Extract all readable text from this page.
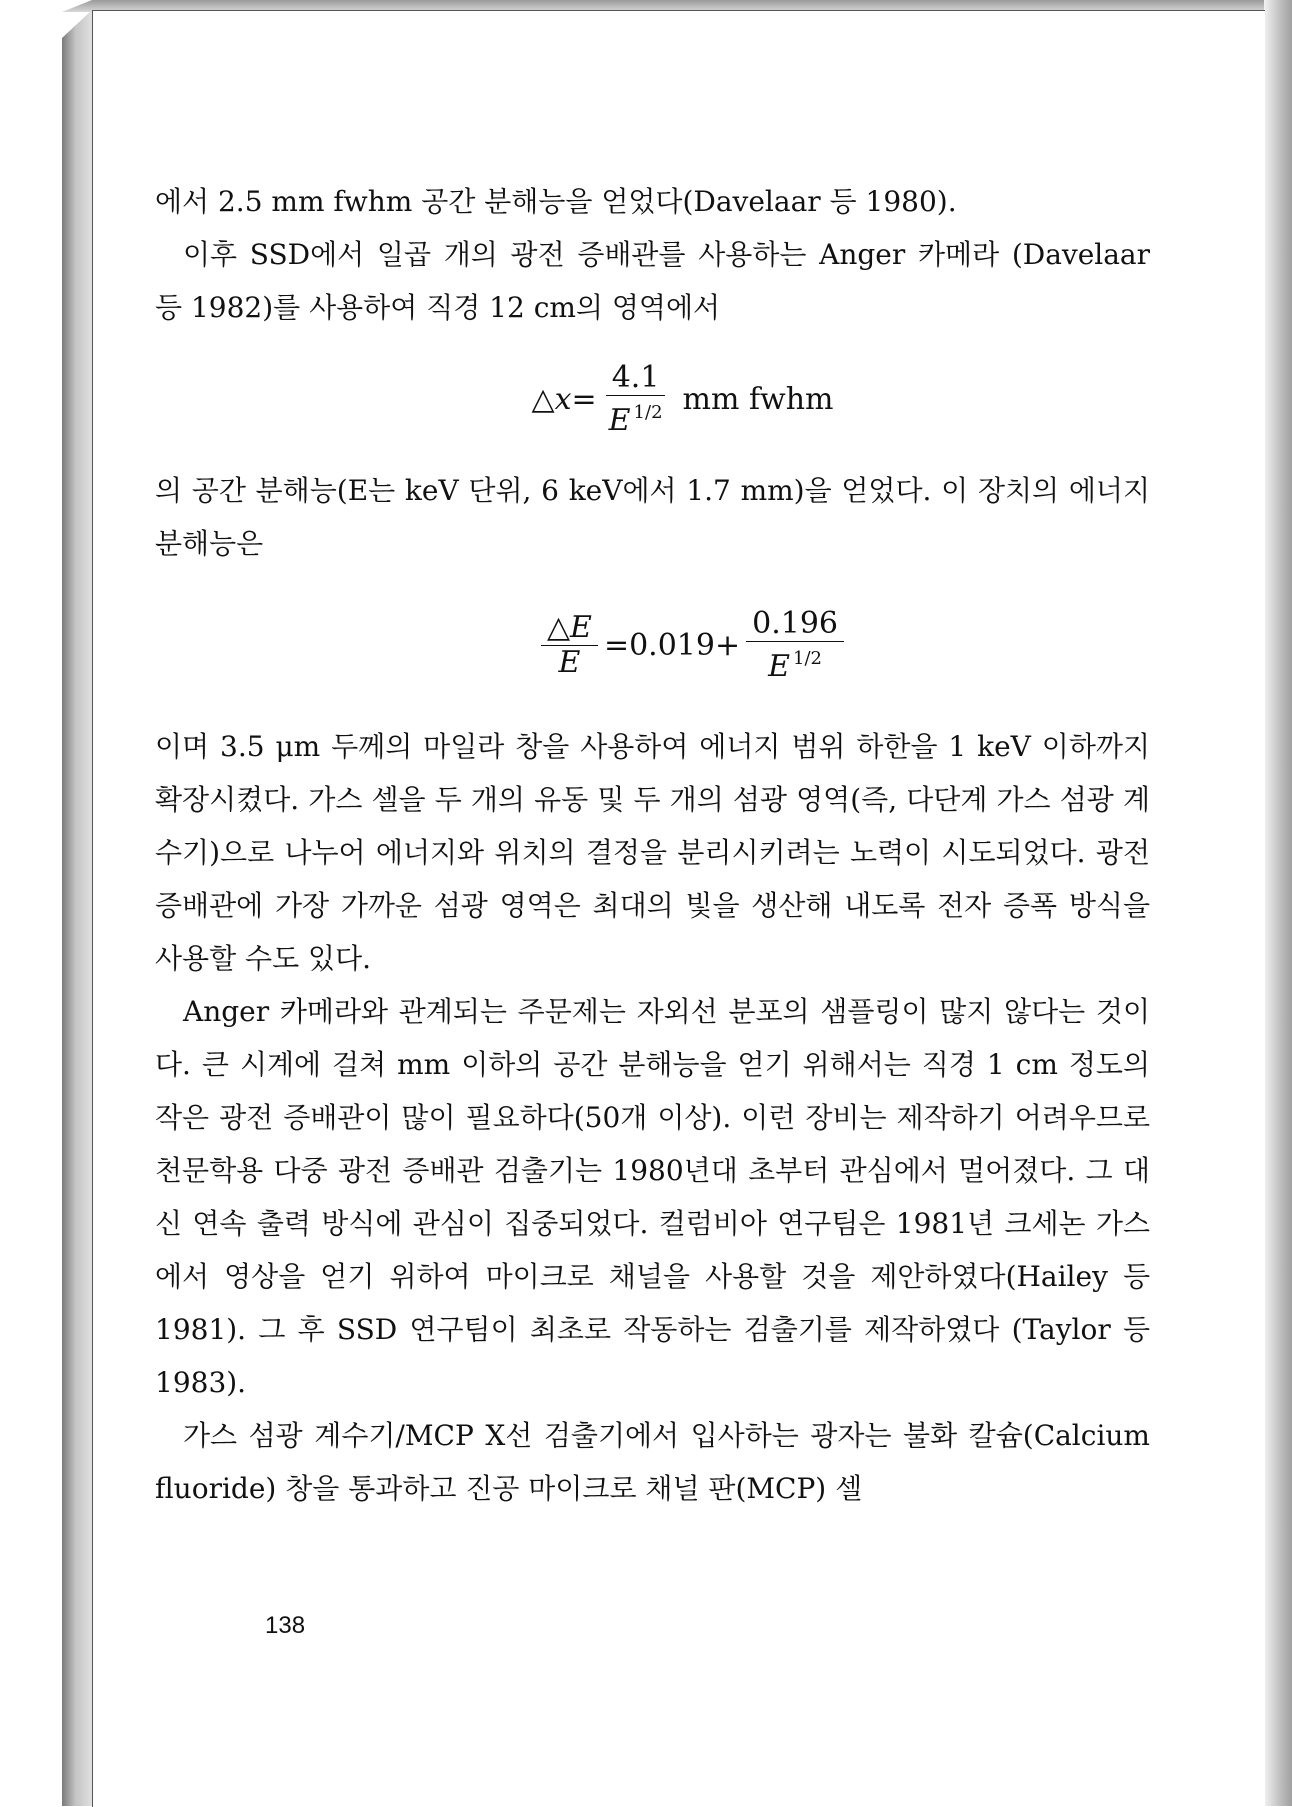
에서 2.5 mm fwhm 공간 분해능을 얻었다(Davelaar 등 1980).

이후 SSD에서 일곱 개의 광전 증배관를 사용하는 Anger 카메라 (Davelaar 등 1982)를 사용하여 직경 12 cm의 영역에서

△x= $\frac{4.1}{E ^{1/2}}$ mm fwhm

의 공간 분해능(E는 keV 단위, 6 keV에서 1.7 mm)을 얻었다. 이 장치의 에너지 분해능은

$\frac{\triangle E}{E} =0.019+ \frac{0.196}{E ^{1/2}}$

이며 3.5 μm 두께의 마일라 창을 사용하여 에너지 범위 하한을 1 keV 이하까지 확장시켰다. 가스 셀을 두 개의 유동 및 두 개의 섬광 영역(즉, 다단계 가스 섬광 계수기)으로 나누어 에너지와 위치의 결정을 분리시키려는 노력이 시도되었다. 광전 증배관에 가장 가까운 섬광 영역은 최대의 빛을 생산해 내도록 전자 증폭 방식을 사용할 수도 있다.

Anger 카메라와 관계되는 주문제는 자외선 분포의 샘플링이 많지 않다는 것이다. 큰 시계에 걸쳐 mm 이하의 공간 분해능을 얻기 위해서는 직경 1 cm 정도의 작은 광전 증배관이 많이 필요하다(50개 이상). 이런 장비는 제작하기 어려우므로 천문학용 다중 광전 증배관 검출기는 1980년대 초부터 관심에서 멀어졌다. 그 대신 연속 출력 방식에 관심이 집중되었다. 컬럼비아 연구팀은 1981년 크세논 가스에서 영상을 얻기 위하여 마이크로 채널을 사용할 것을 제안하였다(Hailey 등 1981). 그 후 SSD 연구팀이 최초로 작동하는 검출기를 제작하였다 (Taylor 등 1983).

가스 섬광 계수기/MCP X선 검출기에서 입사하는 광자는 불화 칼슘(Calcium fluoride) 창을 통과하고 진공 마이크로 채널 판(MCP) 셀

138
